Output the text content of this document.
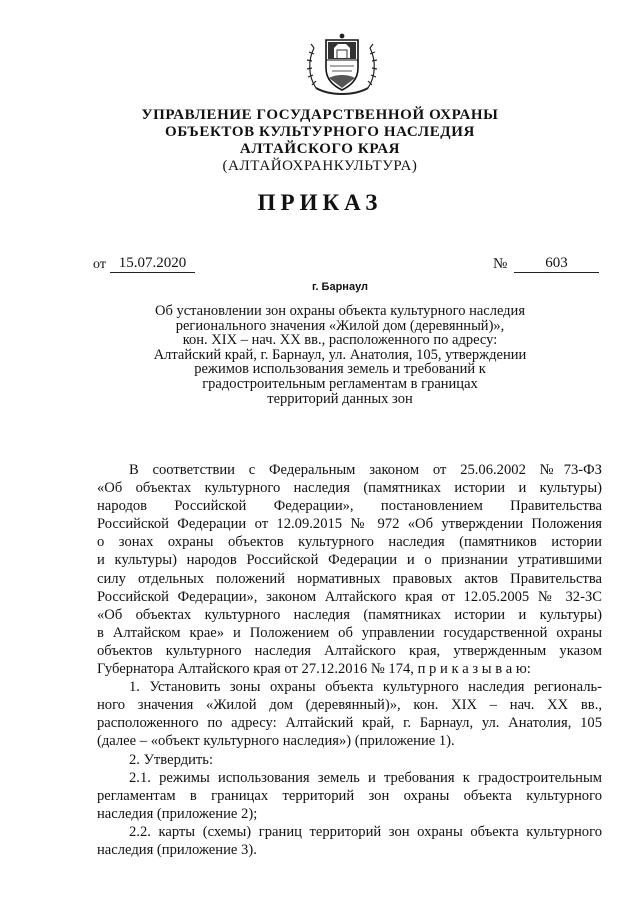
УПРАВЛЕНИЕ ГОСУДАРСТВЕННОЙ ОХРАНЫ
ОБЪЕКТОВ КУЛЬТУРНОГО НАСЛЕДИЯ
АЛТАЙСКОГО КРАЯ
(АЛТАЙОХРАНКУЛЬТУРА)
ПРИКАЗ
от 15.07.2020	№	603
г. Барнаул
Об установлении зон охраны объекта культурного наследия
регионального значения «Жилой дом (деревянный)»,
кон. XIX – нач. XX вв., расположенного по адресу:
Алтайский край, г. Барнаул, ул. Анатолия, 105, утверждении
режимов использования земель и требований к
градостроительным регламентам в границах
территорий данных зон
В соответствии с Федеральным законом от 25.06.2002 №73-ФЗ
«Об объектах культурного наследия (памятниках истории и культуры)
народов Российской Федерации», постановлением Правительства
Российской Федерации от 12.09.2015 № 972 «Об утверждении Положения
о зонах охраны объектов культурного наследия (памятников истории
и культуры) народов Российской Федерации и о признании утратившими
силу отдельных положений нормативных правовых актов Правительства
Российской Федерации», законом Алтайского края от 12.05.2005 № 32-ЗС
«Об объектах культурного наследия (памятниках истории и культуры)
в Алтайском крае» и Положением об управлении государственной охраны
объектов культурного наследия Алтайского края, утвержденным указом
Губернатора Алтайского края от 27.12.2016 № 174, п р и к а з ы в а ю:
1. Установить зоны охраны объекта культурного наследия региональ-
ного значения «Жилой дом (деревянный)», кон. XIX – нач. XX вв.,
расположенного по адресу: Алтайский край, г. Барнаул, ул. Анатолия, 105
(далее – «объект культурного наследия») (приложение 1).
2. Утвердить:
2.1. режимы использования земель и требования к градостроительным
регламентам в границах территорий зон охраны объекта культурного
наследия (приложение 2);
2.2. карты (схемы) границ территорий зон охраны объекта культурного
наследия (приложение 3).
